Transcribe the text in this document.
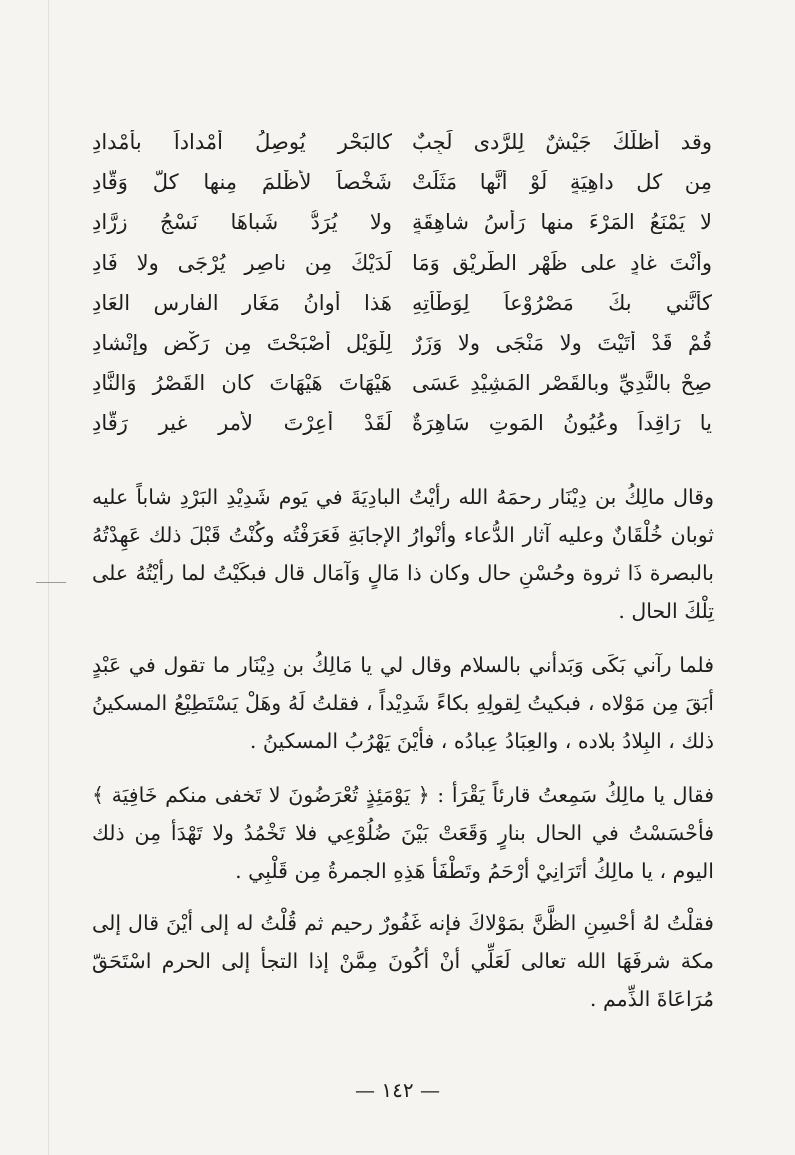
وقد أظلَّكَ جَيْشٌ لِلرَّدى لَجِبٌ
كالبَحْرِ يُوصِلُ أمْداداً بأمْدادِ
مِن كل داهِيَةٍ لَوْ أنَّها مَثَلَتْ
شَخْصاً لأظْلمَ مِنها كلُّ وَقَّادِ
لا يَمْنَعُ المَرْءَ منها رَأسُ شاهِقَةٍ
ولا يُرَدُّ شَباهَا نَسْجُ زرَّادِ
وأنْتَ غادٍ على ظَهْرِ الطَّرِيْقِ وَمَا
لَدَيْكَ مِن ناصِرٍ يُرْجَى ولا فَادِ
كأنَّني بكَ مَصْرُوْعاً لِوَطْأتِهِ
هَذا أوانُ مَغَارِ الفارِسِ العَادِ
قُمْ قَدْ أتَيْتَ ولا مَنْجَى ولا وَزَرٌ
لِلْوَيْلِ أصْبَحْتَ مِن رَكْضٍ وإنْشادِ
صِحْ بالنَّدِيِّ وبالقَصْرِ المَشِيْدِ عَسَى
هَيْهَاتَ هَيْهَاتَ كان القَصْرُ وَالنَّادِ
يا رَاقِداً وعُيُونُ المَوتِ سَاهِرَةٌ
لَقَدْ أعِرْتَ لأمرٍ غيرِ رَقَّادِ

وقال مالِكُ بن دِيْنَار رحمَهُ الله رأيْتُ البادِيَةَ في يَوم شَدِيْدِ البَرْدِ شاباً عليه ثوبان خُلْقَانٌ وعليه آثار الدُّعاء وأنْوارُ الإجابَةِ فَعَرَفْتُه وكُنْتُ قَبْلَ ذلك عَهِدْتُهُ بالبصرة ذَا ثروة وحُسْنِ حال وكان ذا مَالٍ وَآمَال قال فبكَيْتُ لما رأيْتُهُ على تِلْكَ الحال .

فلما رآني بَكَى وَبَدأني بالسلام وقال لي يا مَالِكُ بن دِيْنَار ما تقول في عَبْدٍ أبَقَ مِن مَوْلاه ، فبكيتُ لِقولِهِ بكاءً شَدِيْداً ، فقلتُ لَهُ وهَلْ يَسْتَطِيْعُ المسكينُ ذلك ، البِلادُ بلاده ، والعِبَادُ عِبادُه ، فأيْنَ يَهْرُبُ المسكينُ .

فقال يا مالِكُ سَمِعتُ قارئاً يَقْرَأ : ﴿ يَوْمَئِذٍ تُعْرَضُونَ لا تَخفى منكم خَافِيَة ﴾ فأحْسَسْتُ في الحال بنارٍ وَقَعَتْ بَيْنَ ضُلُوْعِي فلا تَخْمُدُ ولا تَهْدَأ مِن ذلك اليوم ، يا مالِكُ أتَرَانِيْ أرْحَمُ وتَطْفَأ هَذِهِ الجمرةُ مِن قَلْبِي .

فقلْتُ لهُ أحْسِنِ الظَّنَّ بمَوْلاكَ فإنه غَفُورٌ رحيم ثم قُلْتُ له إلى أيْنَ قال إلى مكة شرفَهَا الله تعالى لَعَلِّي أنْ أكُونَ مِمَّنْ إذا التجأ إلى الحرم اسْتَحَقّ مُرَاعَاةَ الذِّمم .

— ١٤٢ —
